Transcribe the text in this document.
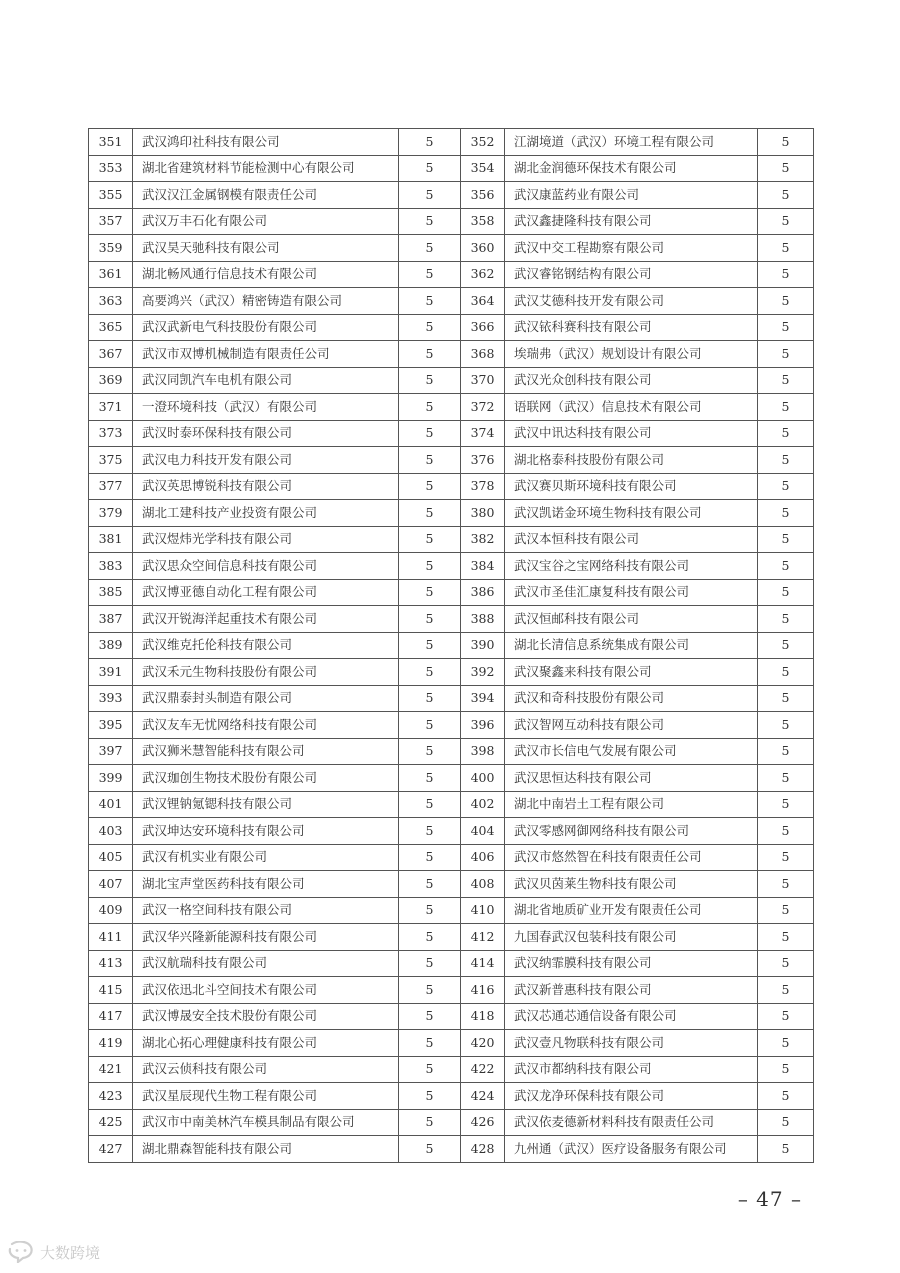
351	武汉鸿印社科技有限公司	5	352	江湖境道（武汉）环境工程有限公司	5
353	湖北省建筑材料节能检测中心有限公司	5	354	湖北金润德环保技术有限公司	5
355	武汉汉江金属钢模有限责任公司	5	356	武汉康蓝药业有限公司	5
357	武汉万丰石化有限公司	5	358	武汉鑫捷隆科技有限公司	5
359	武汉昊天驰科技有限公司	5	360	武汉中交工程勘察有限公司	5
361	湖北畅风通行信息技术有限公司	5	362	武汉睿铭钢结构有限公司	5
363	高要鸿兴（武汉）精密铸造有限公司	5	364	武汉艾德科技开发有限公司	5
365	武汉武新电气科技股份有限公司	5	366	武汉铱科赛科技有限公司	5
367	武汉市双博机械制造有限责任公司	5	368	埃瑞弗（武汉）规划设计有限公司	5
369	武汉同凯汽车电机有限公司	5	370	武汉光众创科技有限公司	5
371	一澄环境科技（武汉）有限公司	5	372	语联网（武汉）信息技术有限公司	5
373	武汉时泰环保科技有限公司	5	374	武汉中讯达科技有限公司	5
375	武汉电力科技开发有限公司	5	376	湖北格泰科技股份有限公司	5
377	武汉英思博锐科技有限公司	5	378	武汉赛贝斯环境科技有限公司	5
379	湖北工建科技产业投资有限公司	5	380	武汉凯诺金环境生物科技有限公司	5
381	武汉煜炜光学科技有限公司	5	382	武汉本恒科技有限公司	5
383	武汉思众空间信息科技有限公司	5	384	武汉宝谷之宝网络科技有限公司	5
385	武汉博亚德自动化工程有限公司	5	386	武汉市圣佳汇康复科技有限公司	5
387	武汉开锐海洋起重技术有限公司	5	388	武汉恒邮科技有限公司	5
389	武汉维克托伦科技有限公司	5	390	湖北长清信息系统集成有限公司	5
391	武汉禾元生物科技股份有限公司	5	392	武汉聚鑫来科技有限公司	5
393	武汉鼎泰封头制造有限公司	5	394	武汉和奇科技股份有限公司	5
395	武汉友车无忧网络科技有限公司	5	396	武汉智网互动科技有限公司	5
397	武汉狮米慧智能科技有限公司	5	398	武汉市长信电气发展有限公司	5
399	武汉珈创生物技术股份有限公司	5	400	武汉思恒达科技有限公司	5
401	武汉锂钠氪锶科技有限公司	5	402	湖北中南岩土工程有限公司	5
403	武汉坤达安环境科技有限公司	5	404	武汉零感网御网络科技有限公司	5
405	武汉有机实业有限公司	5	406	武汉市悠然智在科技有限责任公司	5
407	湖北宝声堂医药科技有限公司	5	408	武汉贝茵莱生物科技有限公司	5
409	武汉一格空间科技有限公司	5	410	湖北省地质矿业开发有限责任公司	5
411	武汉华兴隆新能源科技有限公司	5	412	九国春武汉包装科技有限公司	5
413	武汉航瑞科技有限公司	5	414	武汉纳霏膜科技有限公司	5
415	武汉依迅北斗空间技术有限公司	5	416	武汉新普惠科技有限公司	5
417	武汉博晟安全技术股份有限公司	5	418	武汉芯通芯通信设备有限公司	5
419	湖北心拓心理健康科技有限公司	5	420	武汉壹凡物联科技有限公司	5
421	武汉云侦科技有限公司	5	422	武汉市都纳科技有限公司	5
423	武汉星辰现代生物工程有限公司	5	424	武汉龙净环保科技有限公司	5
425	武汉市中南美林汽车模具制品有限公司	5	426	武汉依麦德新材料科技有限责任公司	5
427	湖北鼎森智能科技有限公司	5	428	九州通（武汉）医疗设备服务有限公司	5
– 47 –
大数跨境
